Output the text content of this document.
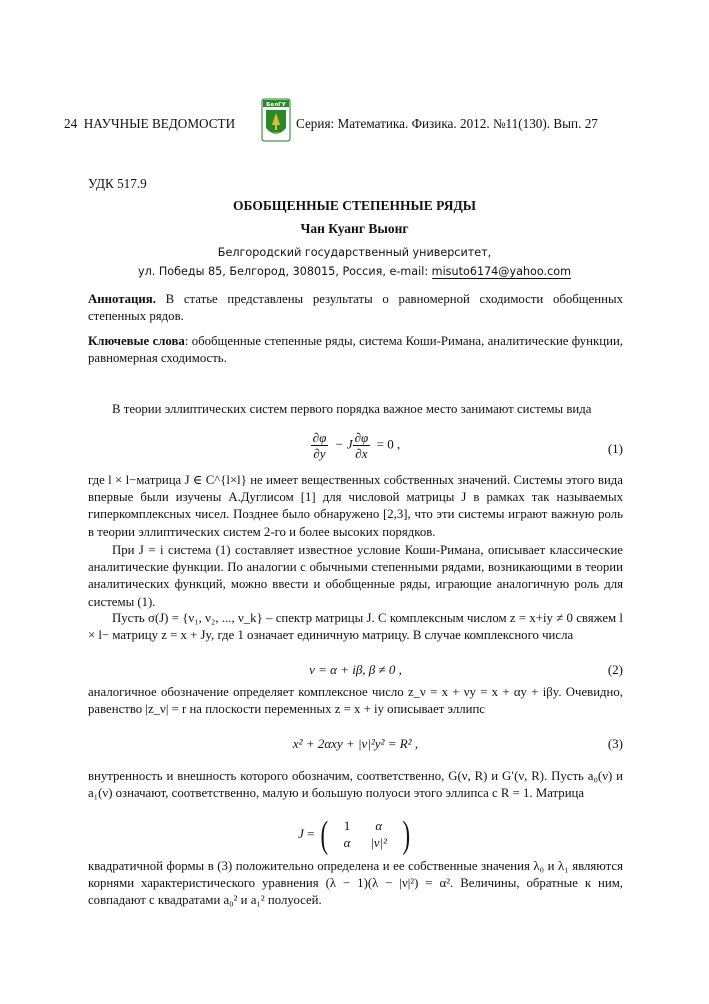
24 НАУЧНЫЕ ВЕДОМОСТИ
БелГУ
1876
Серия: Математика. Физика. 2012. №11(130). Вып. 27
УДК 517.9
ОБОБЩЕННЫЕ СТЕПЕННЫЕ РЯДЫ
Чан Куанг Выонг
Белгородский государственный университет,
ул. Победы 85, Белгород, 308015, Россия, e-mail: misuto6174@yahoo.com
Аннотация. В статье представлены результаты о равномерной сходимости обобщенных степенных рядов.
Ключевые слова: обобщенные степенные ряды, система Коши-Римана, аналитические функции, равномерная сходимость.
В теории эллиптических систем первого порядка важное место занимают системы вида
$\frac{\partial\varphi}{\partial y} - J \frac{\partial\varphi}{\partial x} = 0$ ,	(1)
где l × l−матрица J ∈ C^{l×l} не имеет вещественных собственных значений. Системы этого вида впервые были изучены А.Дуглисом [1] для числовой матрицы J в рамках так называемых гиперкомплексных чисел. Позднее было обнаружено [2,3], что эти системы играют важную роль в теории эллиптических систем 2-го и более высоких порядков.
При J = i система (1) составляет известное условие Коши-Римана, описывает классические аналитические функции. По аналогии с обычными степенными рядами, возникающими в теории аналитических функций, можно ввести и обобщенные ряды, играющие аналогичную роль для системы (1).
Пусть σ(J) = {ν₁, ν₂, ..., ν_k} – спектр матрицы J. С комплексным числом z = x+iy ≠ 0 свяжем l × l− матрицу z = x + Jy, где 1 означает единичную матрицу. В случае комплексного числа
ν = α + iβ, β ≠ 0 ,	(2)
аналогичное обозначение определяет комплексное число z_ν = x + νy = x + αy + iβy. Очевидно, равенство |z_ν| = r на плоскости переменных z = x + iy описывает эллипс
x² + 2αxy + |ν|²y² = R² ,	(3)
внутренность и внешность которого обозначим, соответственно, G(ν, R) и G′(ν, R). Пусть a₀(ν) и a₁(ν) означают, соответственно, малую и большую полуоси этого эллипса с R = 1. Матрица
J = ( 1	α
α	|ν|² )
квадратичной формы в (3) положительно определена и ее собственные значения λ₀ и λ₁ являются корнями характеристического уравнения (λ − 1)(λ − |ν|²) = α². Величины, обратные к ним, совпадают с квадратами a₀² и a₁² полуосей.
